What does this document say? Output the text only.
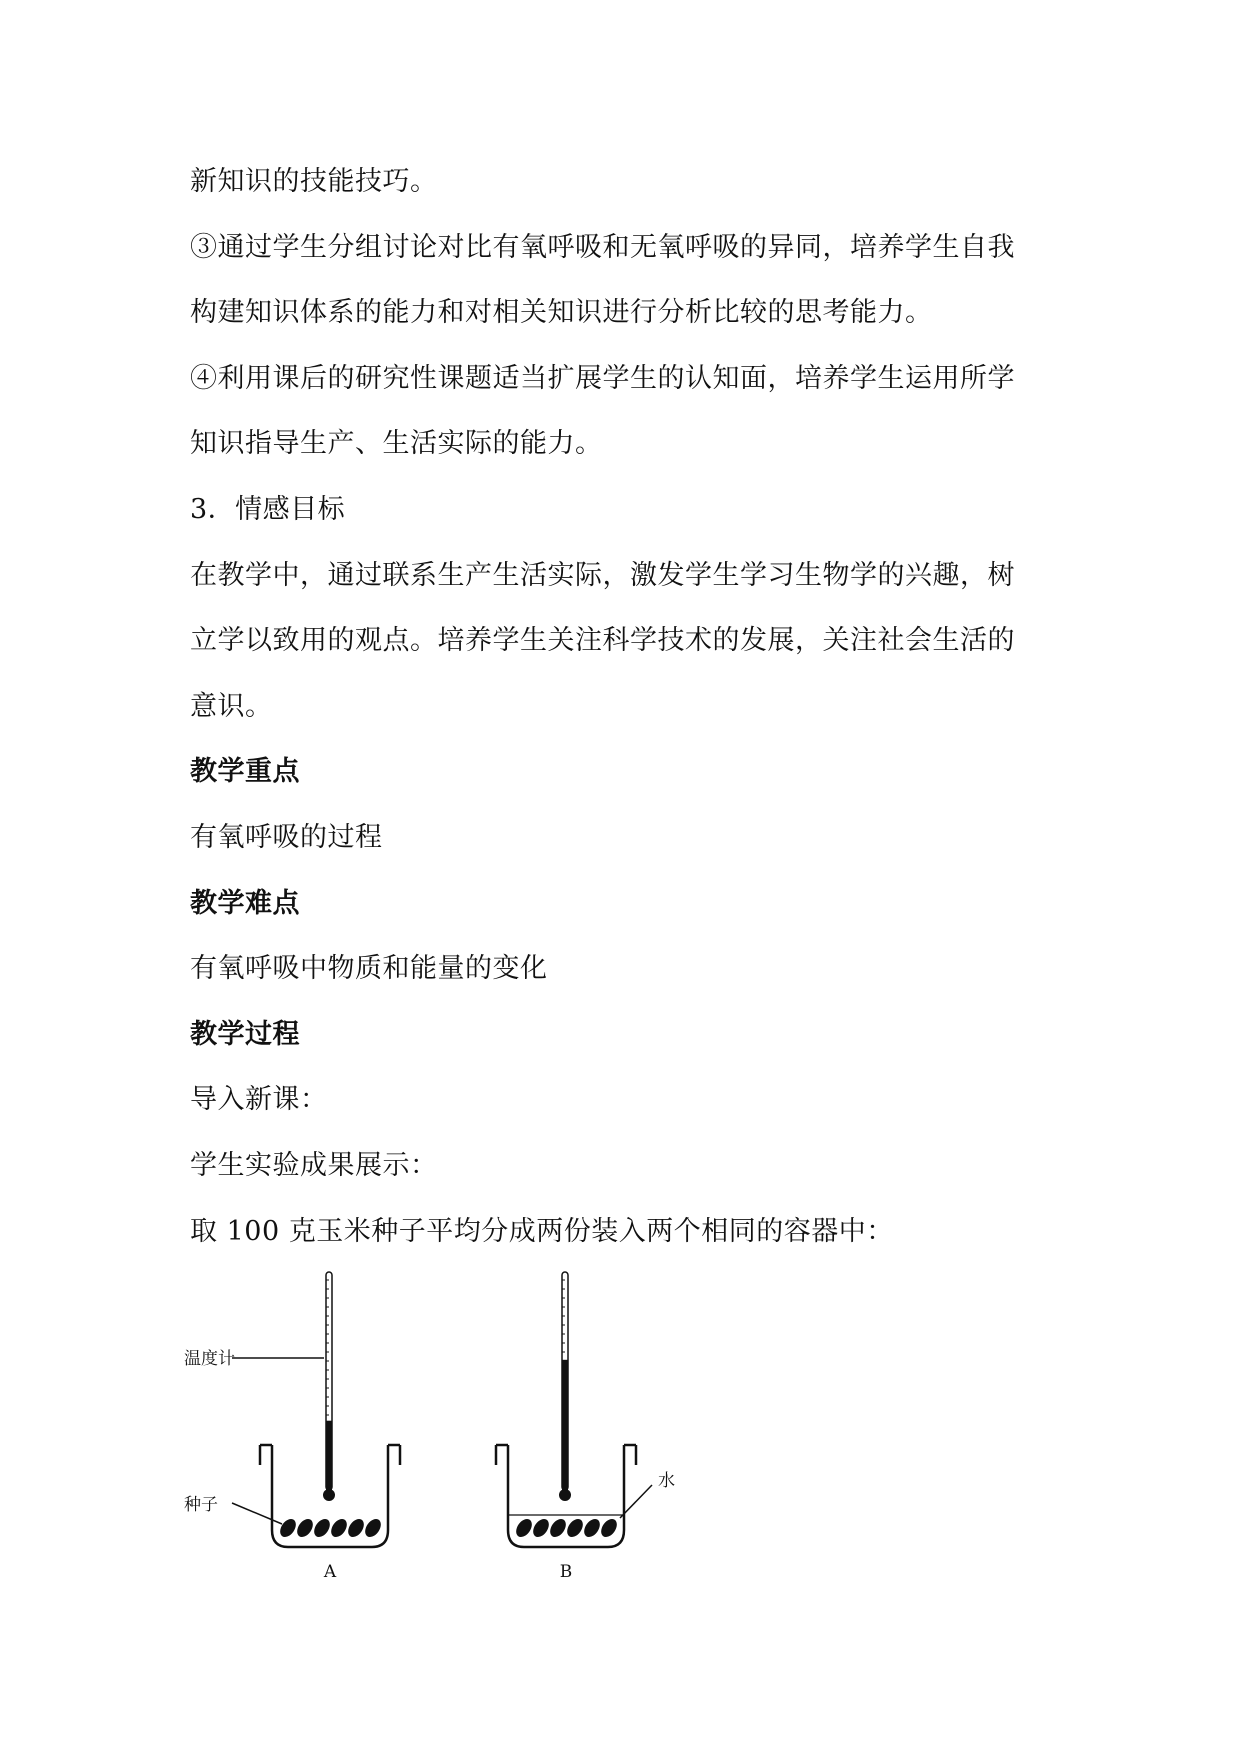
新知识的技能技巧。
③通过学生分组讨论对比有氧呼吸和无氧呼吸的异同，培养学生自我
构建知识体系的能力和对相关知识进行分析比较的思考能力。
④利用课后的研究性课题适当扩展学生的认知面，培养学生运用所学
知识指导生产、生活实际的能力。
3．情感目标
在教学中，通过联系生产生活实际，激发学生学习生物学的兴趣，树
立学以致用的观点。培养学生关注科学技术的发展，关注社会生活的
意识。
教学重点
有氧呼吸的过程
教学难点
有氧呼吸中物质和能量的变化
教学过程
导入新课：
学生实验成果展示：
取 100 克玉米种子平均分成两份装入两个相同的容器中：
温度计
种子
A
水
B
